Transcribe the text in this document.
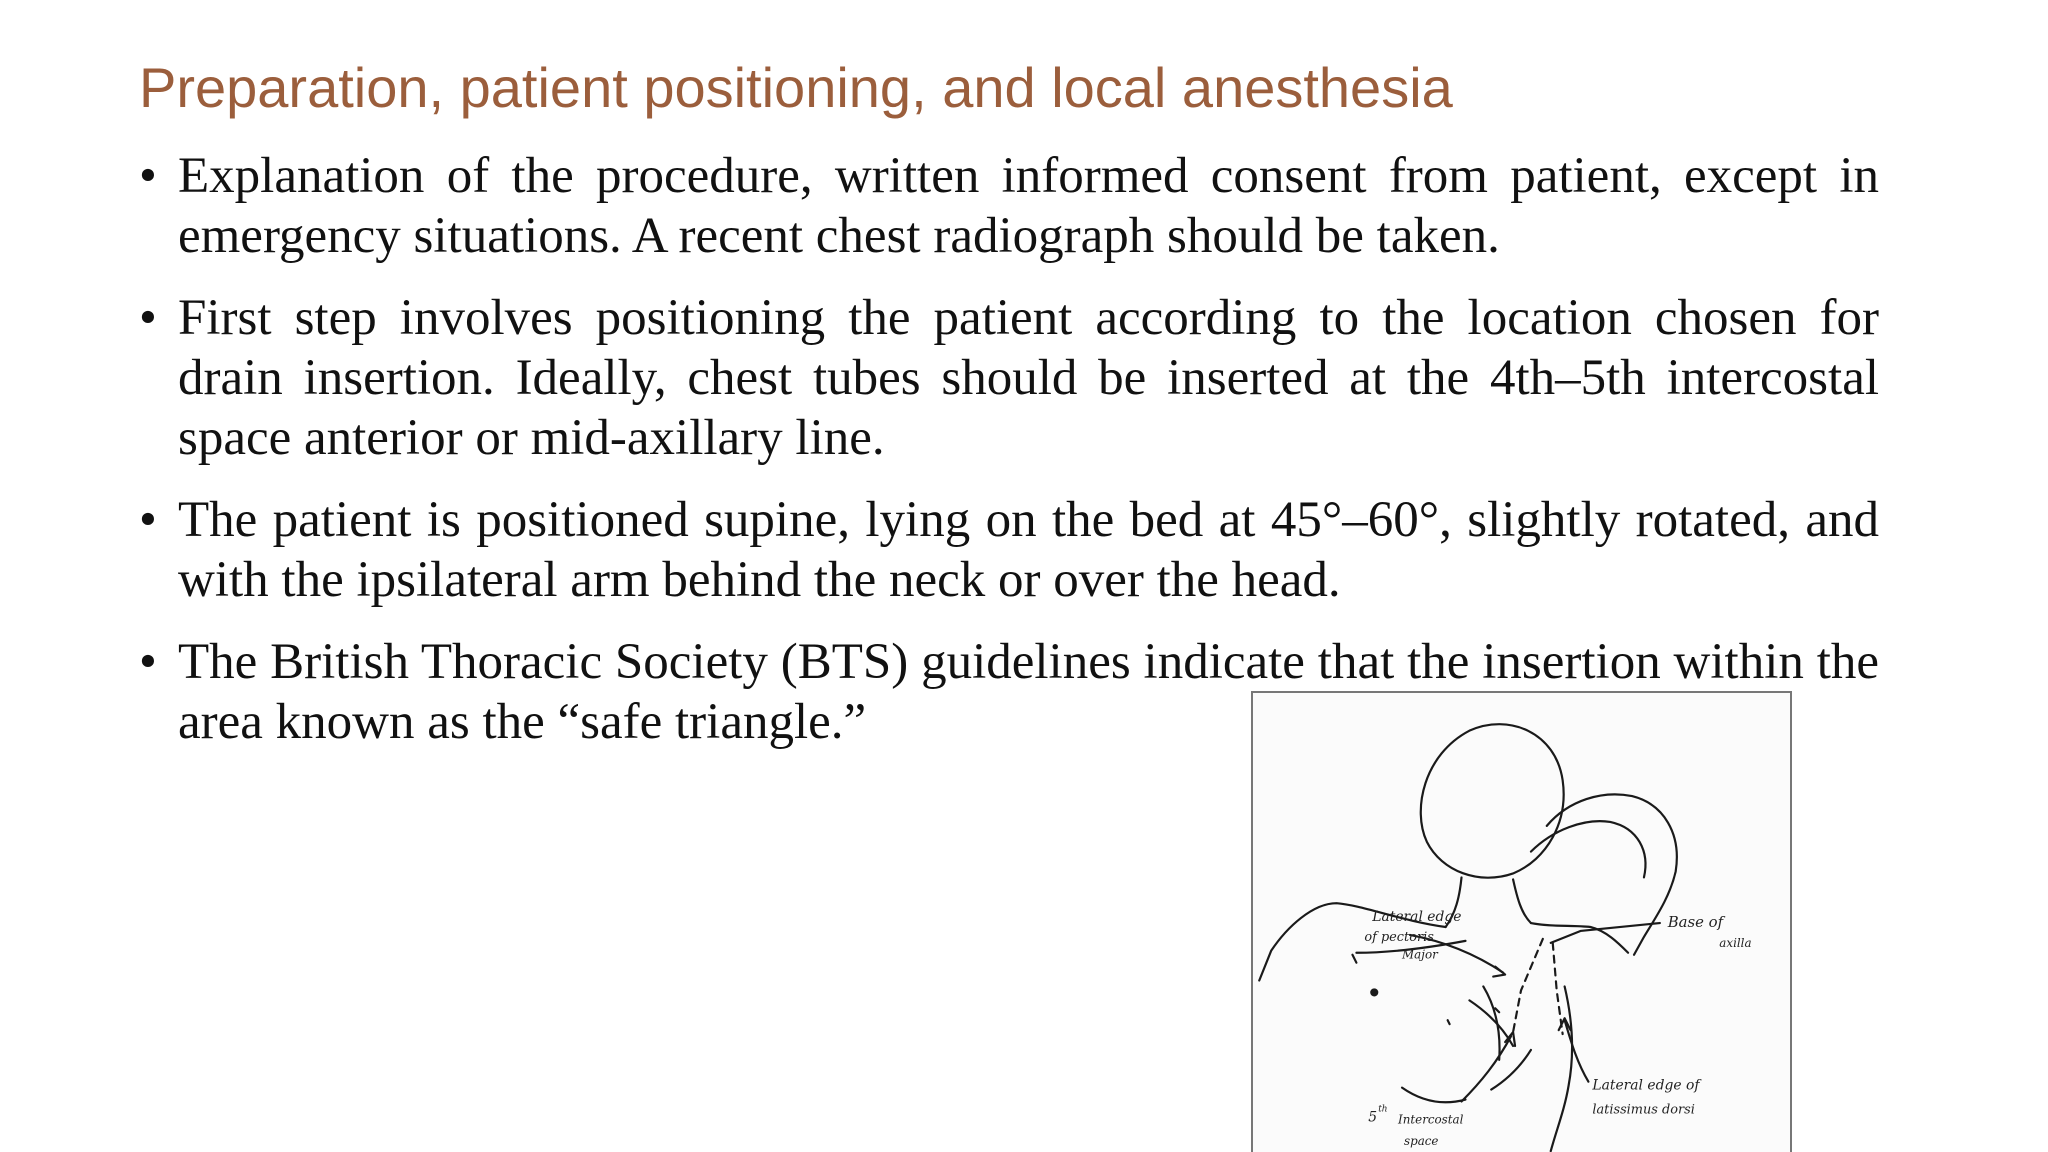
Preparation, patient positioning, and local anesthesia
• Explanation of the procedure, written informed consent from patient, except in emergency situations. A recent chest radiograph should be taken.
• First step involves positioning the patient according to the location chosen for drain insertion. Ideally, chest tubes should be inserted at the 4th–5th intercostal space anterior or mid-axillary line.
• The patient is positioned supine, lying on the bed at 45°–60°, slightly rotated, and with the ipsilateral arm behind the neck or over the head.
• The British Thoracic Society (BTS) guidelines indicate that the insertion within the area known as the “safe triangle.”
Lateral edge
of pectoris
Major
Base of
axilla
Lateral edge of
latissimus dorsi
5 th
Intercostal
space
